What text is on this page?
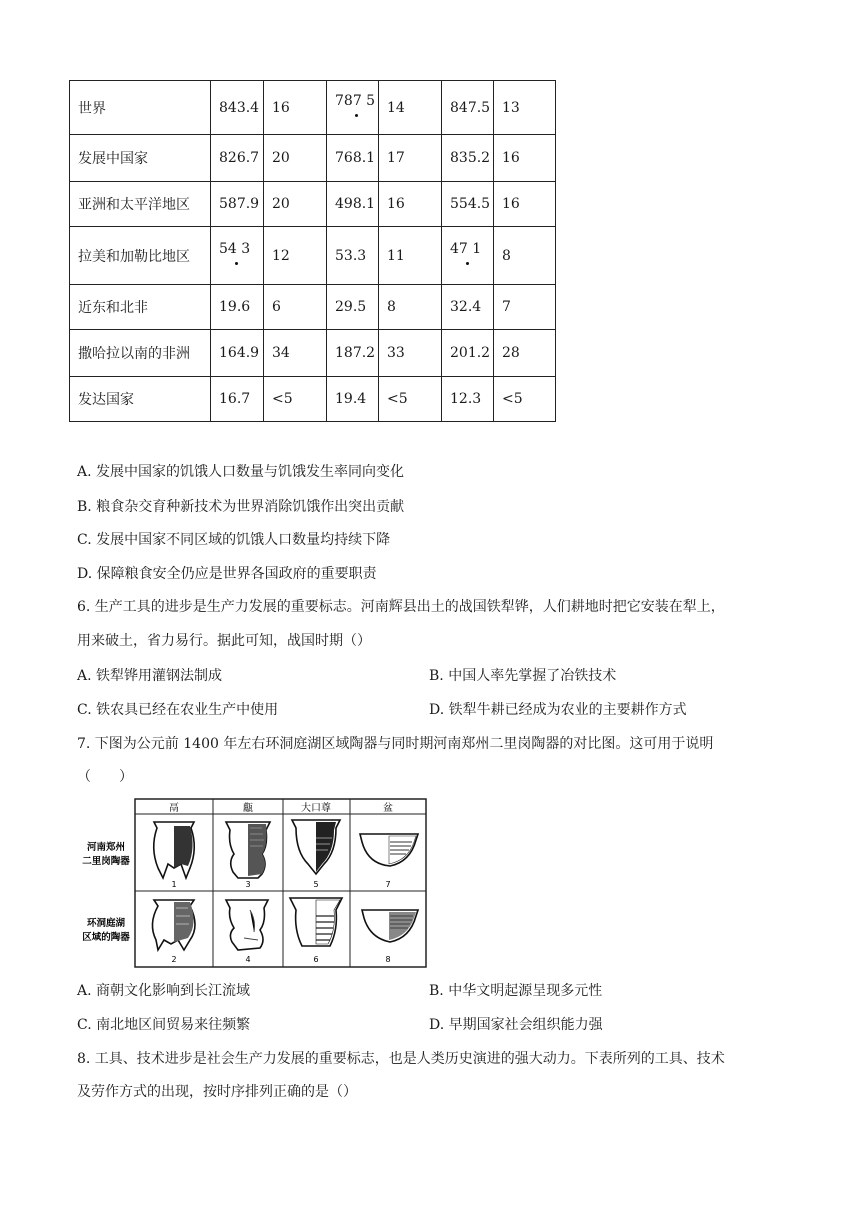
世界	843.4	16	787 5	14	847.5	13
发展中国家	826.7	20	768.1	17	835.2	16
亚洲和太平洋地区	587.9	20	498.1	16	554.5	16
拉美和加勒比地区	54 3	12	53.3	11	47 1	8
近东和北非	19.6	6	29.5	8	32.4	7
撒哈拉以南的非洲	164.9	34	187.2	33	201.2	28
发达国家	16.7	<5	19.4	<5	12.3	<5
A. 发展中国家的饥饿人口数量与饥饿发生率同向变化
B. 粮食杂交育种新技术为世界消除饥饿作出突出贡献
C. 发展中国家不同区域的饥饿人口数量均持续下降
D. 保障粮食安全仍应是世界各国政府的重要职责
6. 生产工具的进步是生产力发展的重要标志。河南辉县出土的战国铁犁铧，人们耕地时把它安装在犁上，
用来破土，省力易行。据此可知，战国时期（）
A. 铁犁铧用灌钢法制成	B. 中国人率先掌握了冶铁技术
C. 铁农具已经在农业生产中使用	D. 铁犁牛耕已经成为农业的主要耕作方式
7. 下图为公元前 1400 年左右环洞庭湖区域陶器与同时期河南郑州二里岗陶器的对比图。这可用于说明
（　　）
鬲	甗	大口尊	盆
河南郑州
二里岗陶器
环洞庭湖
区域的陶器
1	3	5	7
2	4	6	8
A. 商朝文化影响到长江流域	B. 中华文明起源呈现多元性
C. 南北地区间贸易来往频繁	D. 早期国家社会组织能力强
8. 工具、技术进步是社会生产力发展的重要标志，也是人类历史演进的强大动力。下表所列的工具、技术
及劳作方式的出现，按时序排列正确的是（）
